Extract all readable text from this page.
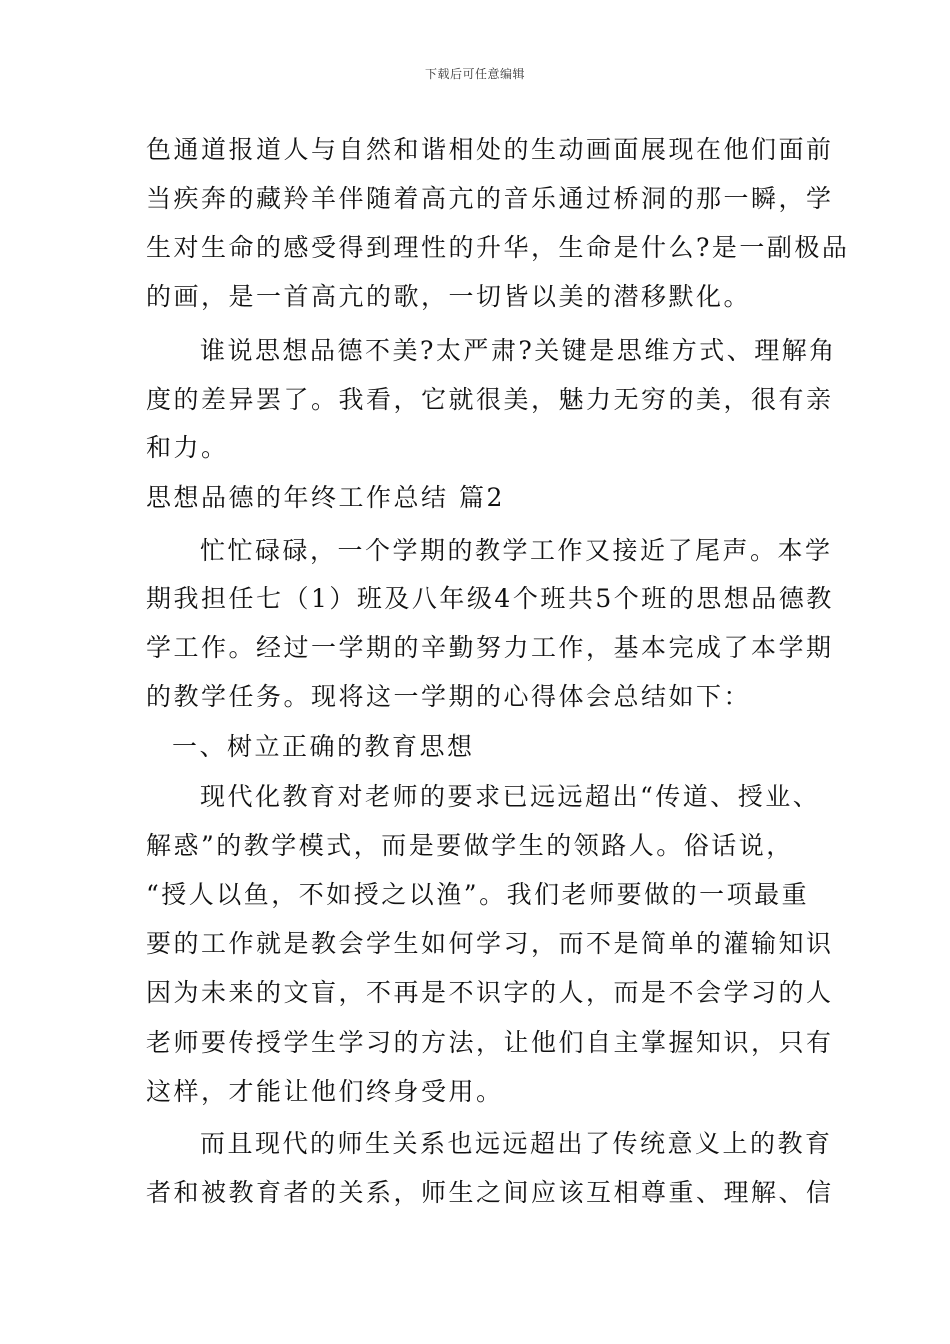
下载后可任意编辑
色通道报道人与自然和谐相处的生动画面展现在他们面前
当疾奔的藏羚羊伴随着高亢的音乐通过桥洞的那一瞬，学
生对生命的感受得到理性的升华，生命是什么?是一副极品
的画，是一首高亢的歌，一切皆以美的潜移默化。
谁说思想品德不美?太严肃?关键是思维方式、理解角
度的差异罢了。我看，它就很美，魅力无穷的美，很有亲
和力。
思想品德的年终工作总结 篇2
忙忙碌碌，一个学期的教学工作又接近了尾声。本学
期我担任七（1）班及八年级4个班共5个班的思想品德教
学工作。经过一学期的辛勤努力工作，基本完成了本学期
的教学任务。现将这一学期的心得体会总结如下：
一、树立正确的教育思想
现代化教育对老师的要求已远远超出“传道、授业、
解惑”的教学模式，而是要做学生的领路人。俗话说，
“授人以鱼，不如授之以渔”。我们老师要做的一项最重
要的工作就是教会学生如何学习，而不是简单的灌输知识
因为未来的文盲，不再是不识字的人，而是不会学习的人
老师要传授学生学习的方法，让他们自主掌握知识，只有
这样，才能让他们终身受用。
而且现代的师生关系也远远超出了传统意义上的教育
者和被教育者的关系，师生之间应该互相尊重、理解、信
